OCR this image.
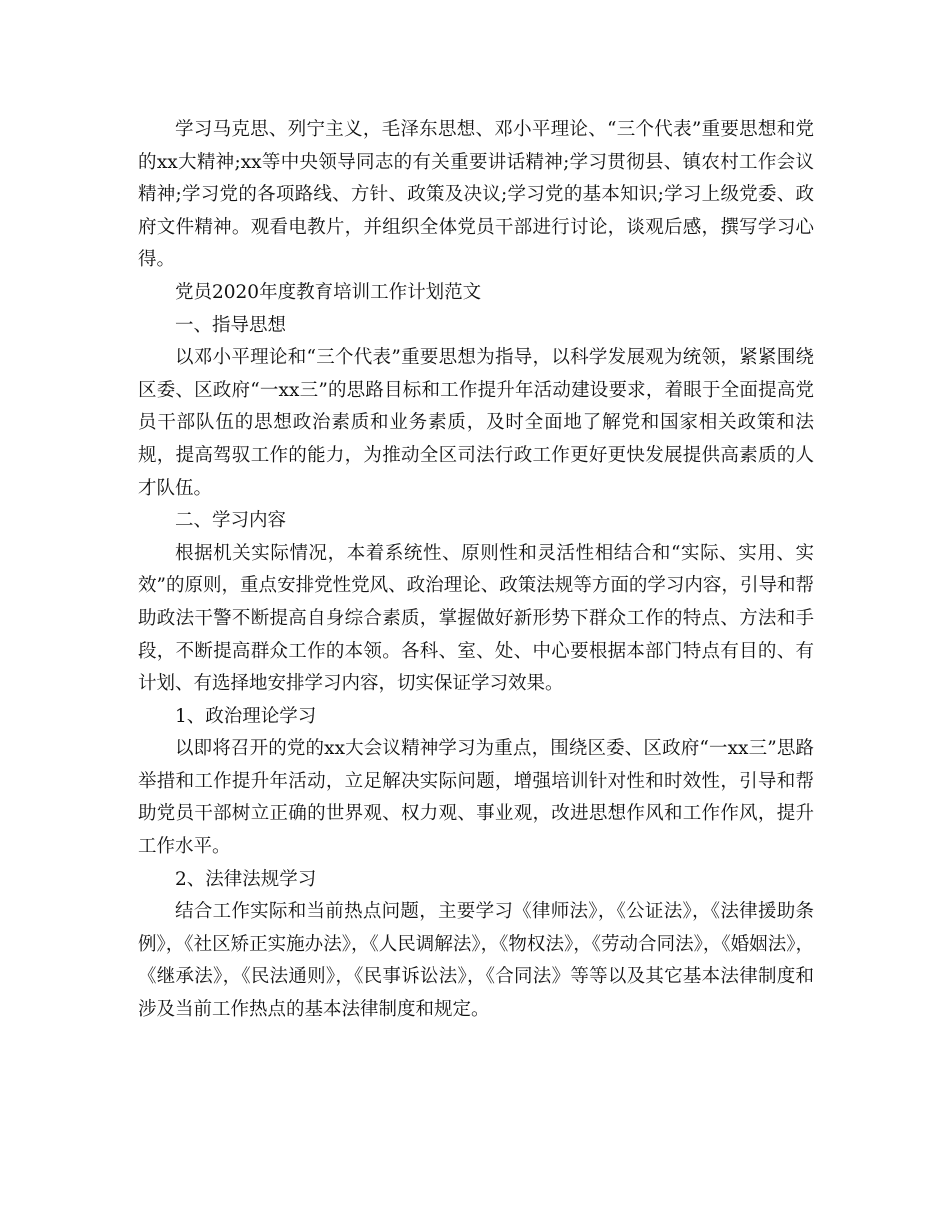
学习马克思、列宁主义，毛泽东思想、邓小平理论、“三个代表”重要思想和党的xx大精神;xx等中央领导同志的有关重要讲话精神;学习贯彻县、镇农村工作会议精神;学习党的各项路线、方针、政策及决议;学习党的基本知识;学习上级党委、政府文件精神。观看电教片，并组织全体党员干部进行讨论，谈观后感，撰写学习心得。

党员2020年度教育培训工作计划范文

一、指导思想

以邓小平理论和“三个代表”重要思想为指导，以科学发展观为统领，紧紧围绕区委、区政府“一xx三”的思路目标和工作提升年活动建设要求，着眼于全面提高党员干部队伍的思想政治素质和业务素质，及时全面地了解党和国家相关政策和法规，提高驾驭工作的能力，为推动全区司法行政工作更好更快发展提供高素质的人才队伍。

二、学习内容

根据机关实际情况，本着系统性、原则性和灵活性相结合和“实际、实用、实效”的原则，重点安排党性党风、政治理论、政策法规等方面的学习内容，引导和帮助政法干警不断提高自身综合素质，掌握做好新形势下群众工作的特点、方法和手段，不断提高群众工作的本领。各科、室、处、中心要根据本部门特点有目的、有计划、有选择地安排学习内容，切实保证学习效果。

1、政治理论学习

以即将召开的党的xx大会议精神学习为重点，围绕区委、区政府“一xx三”思路举措和工作提升年活动，立足解决实际问题，增强培训针对性和时效性，引导和帮助党员干部树立正确的世界观、权力观、事业观，改进思想作风和工作作风，提升工作水平。

2、法律法规学习

结合工作实际和当前热点问题，主要学习《律师法》，《公证法》，《法律援助条例》，《社区矫正实施办法》，《人民调解法》，《物权法》，《劳动合同法》，《婚姻法》，《继承法》，《民法通则》，《民事诉讼法》，《合同法》等等以及其它基本法律制度和涉及当前工作热点的基本法律制度和规定。
